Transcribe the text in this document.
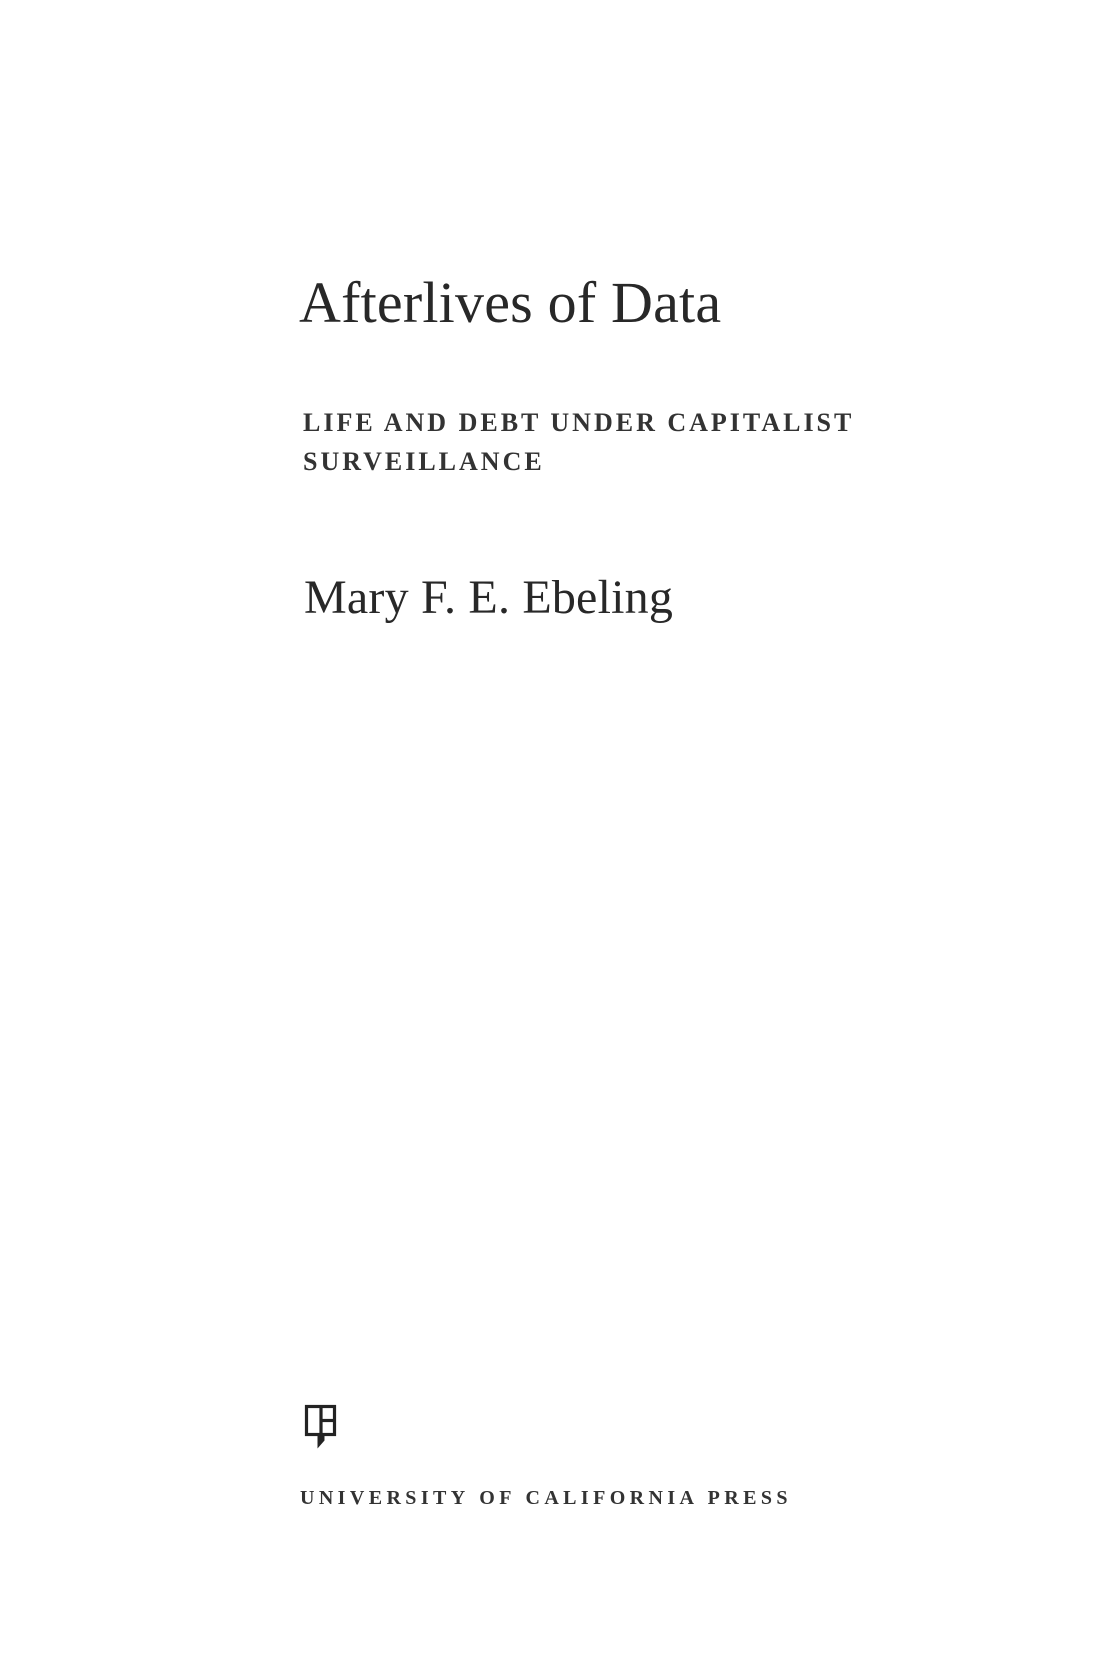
Afterlives of Data
LIFE AND DEBT UNDER CAPITALIST
SURVEILLANCE
Mary F. E. Ebeling
UNIVERSITY OF CALIFORNIA PRESS
